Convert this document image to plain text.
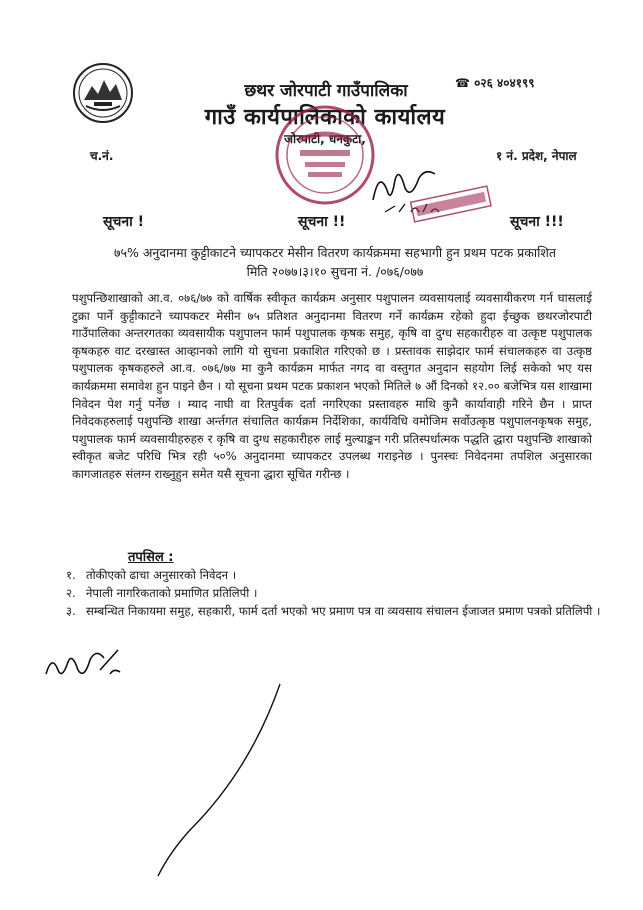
☎ ०२६ ४०४१९९
छथर जोरपाटी गाउँपालिका
गाउँ कार्यपालिकाको कार्यालय
जोरपाटी, धनकुटा,
च.नं.	१ नं. प्रदेश, नेपाल
सूचना !	सूचना !!	सूचना !!!
७५% अनुदानमा कुट्टीकाटने च्यापकटर मेसीन वितरण कार्यक्रममा सहभागी हुन प्रथम पटक प्रकाशित
मिति २०७७।३।१० सुचना नं. /०७६/०७७
पशुपन्छिशाखाको आ.व. ०७६/७७ को वार्षिक स्वीकृत कार्यक्रम अनुसार पशुपालन व्यवसायलाई व्यवसायीकरण गर्न घासलाई टुक्रा पार्ने कुट्टीकाटने च्यापकटर मेसीन ७५ प्रतिशत अनुदानमा वितरण गर्ने कार्यक्रम रहेको हुदा ईच्छुक छथरजोरपाटी गाउँपालिका अन्तरगतका व्यवसायीक पशुपालन फार्म पशुपालक कृषक समुह, कृषि वा दुग्ध सहकारीहरु वा उत्कृष्ट पशुपालक कृषकहरु वाट दरखास्त आव्हानको लागि यो सुचना प्रकाशित गरिएको छ । प्रस्तावक साझेदार फार्म संचालकहरु वा उत्कृष्ठ पशुपालक कृषकहरुले आ.व. ०७६/७७ मा कुनै कार्यक्रम मार्फत नगद वा वस्तुगत अनुदान सहयोग लिई सकेको भए यस कार्यक्रममा समावेश हुन पाइने छैन । यो सूचना प्रथम पटक प्रकाशन भएको मितिले ७ औं दिनको १२.०० बजेभित्र यस शाखामा निवेदन पेश गर्नु पर्नेछ । म्याद नाघी वा रितपुर्वक दर्ता नगरिएका प्रस्तावहरु माथि कुनै कार्यावाही गरिने छैन । प्राप्त निवेदकहरुलाई पशुपन्छि शाखा अर्न्तगत संचालित कार्यक्रम निर्देशिका, कार्यविधि वमोजिम सर्वोउत्कृष्ठ पशुपालनकृषक समुह, पशुपालक फार्म व्यवसायीहरुहरु र कृषि वा दुग्ध सहकारीहरु लाई मुल्याङ्कन गरी प्रतिस्पर्धात्मक पद्धति द्धारा पशुपन्छि शाखाको स्वीकृत बजेट परिधि भित्र रही ५०% अनुदानमा च्यापकटर उपलब्ध गराइनेछ । पुनस्चः निवेदनमा तपशिल अनुसारका कागजातहरु संलग्न राख्नुहुन समेत यसै सूचना द्धारा सूचित गरीन्छ ।
तपसिल :
१. तोकीएको ढाचा अनुसारको निवेदन ।
२. नेपाली नागरिकताको प्रमाणित प्रतिलिपी ।
३. सम्बन्धित निकायमा समुह, सहकारी, फार्म दर्ता भएको भए प्रमाण पत्र वा व्यवसाय संचालन ईजाजत प्रमाण पत्रको प्रतिलिपी ।
